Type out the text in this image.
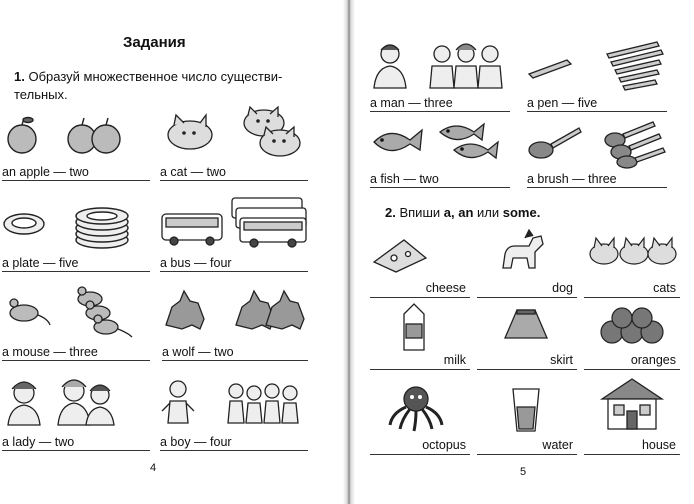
Задания
1. Образуй множественное число существи-
тельных.
an apple — two	a cat — two
a plate — five	a bus — four
a mouse — three	a wolf — two
a lady — two	a boy — four
4
a man — three	a pen — five
a fish — two	a brush — three
2. Впиши a, an или some.
cheese	dog	cats
milk	skirt	oranges
octopus	water	house
5
